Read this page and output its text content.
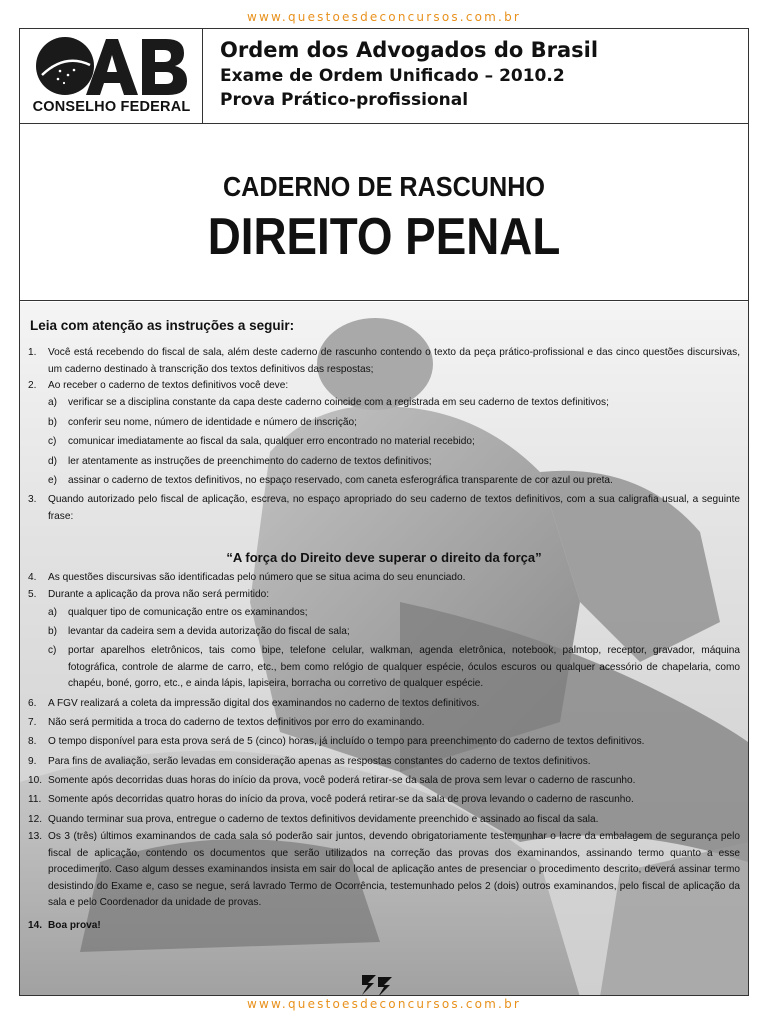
www.questoesdeconcursos.com.br
CONSELHO FEDERAL
Ordem dos Advogados do Brasil
Exame de Ordem Unificado – 2010.2
Prova Prático-profissional
CADERNO DE RASCUNHO
DIREITO PENAL
Leia com atenção as instruções a seguir:
1. Você está recebendo do fiscal de sala, além deste caderno de rascunho contendo o texto da peça prático-profissional e das cinco questões discursivas, um caderno destinado à transcrição dos textos definitivos das respostas;
2. Ao receber o caderno de textos definitivos você deve:
a) verificar se a disciplina constante da capa deste caderno coincide com a registrada em seu caderno de textos definitivos;
b) conferir seu nome, número de identidade e número de inscrição;
c) comunicar imediatamente ao fiscal da sala, qualquer erro encontrado no material recebido;
d) ler atentamente as instruções de preenchimento do caderno de textos definitivos;
e) assinar o caderno de textos definitivos, no espaço reservado, com caneta esferográfica transparente de cor azul ou preta.
3. Quando autorizado pelo fiscal de aplicação, escreva, no espaço apropriado do seu caderno de textos definitivos, com a sua caligrafia usual, a seguinte frase:
“A força do Direito deve superar o direito da força”
4. As questões discursivas são identificadas pelo número que se situa acima do seu enunciado.
5. Durante a aplicação da prova não será permitido:
a) qualquer tipo de comunicação entre os examinandos;
b) levantar da cadeira sem a devida autorização do fiscal de sala;
c) portar aparelhos eletrônicos, tais como bipe, telefone celular, walkman, agenda eletrônica, notebook, palmtop, receptor, gravador, máquina fotográfica, controle de alarme de carro, etc., bem como relógio de qualquer espécie, óculos escuros ou qualquer acessório de chapelaria, como chapéu, boné, gorro, etc., e ainda lápis, lapiseira, borracha ou corretivo de qualquer espécie.
6. A FGV realizará a coleta da impressão digital dos examinandos no caderno de textos definitivos.
7. Não será permitida a troca do caderno de textos definitivos por erro do examinando.
8. O tempo disponível para esta prova será de 5 (cinco) horas, já incluído o tempo para preenchimento do caderno de textos definitivos.
9. Para fins de avaliação, serão levadas em consideração apenas as respostas constantes do caderno de textos definitivos.
10. Somente após decorridas duas horas do início da prova, você poderá retirar-se da sala de prova sem levar o caderno de rascunho.
11. Somente após decorridas quatro horas do início da prova, você poderá retirar-se da sala de prova levando o caderno de rascunho.
12. Quando terminar sua prova, entregue o caderno de textos definitivos devidamente preenchido e assinado ao fiscal da sala.
13. Os 3 (três) últimos examinandos de cada sala só poderão sair juntos, devendo obrigatoriamente testemunhar o lacre da embalagem de segurança pelo fiscal de aplicação, contendo os documentos que serão utilizados na correção das provas dos examinandos, assinando termo quanto a esse procedimento. Caso algum desses examinandos insista em sair do local de aplicação antes de presenciar o procedimento descrito, deverá assinar termo desistindo do Exame e, caso se negue, será lavrado Termo de Ocorrência, testemunhado pelos 2 (dois) outros examinandos, pelo fiscal de aplicação da sala e pelo Coordenador da unidade de provas.
14. Boa prova!
www.questoesdeconcursos.com.br
